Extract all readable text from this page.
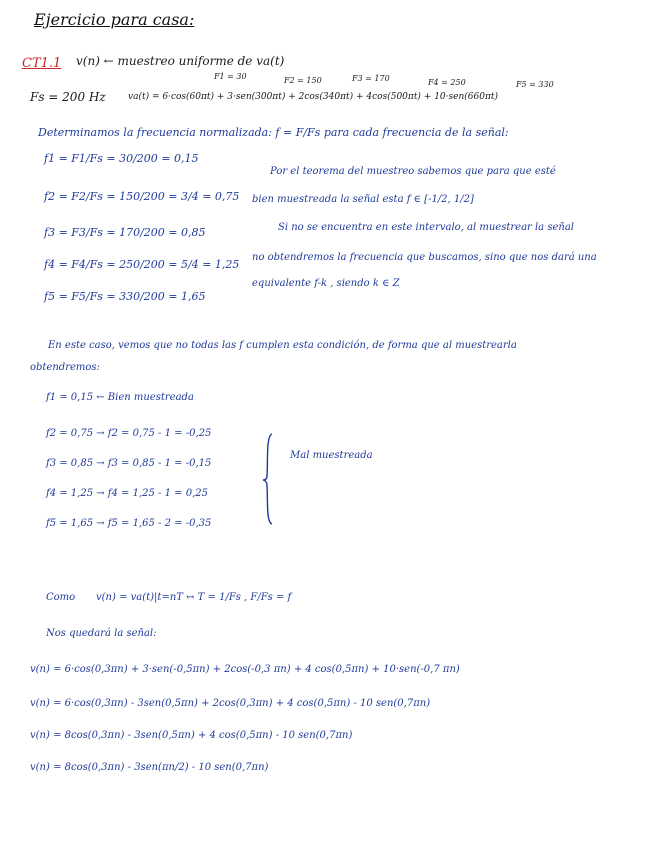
Ejercicio para casa:
CT1.1 v(n) ← muestreo uniforme de va(t)
F1 = 30	F2 = 150	F3 = 170	F4 = 250	F5 = 330
Fs = 200 Hz va(t) = 6·cos(60πt) + 3·sen(300πt) + 2cos(340πt) + 4cos(500πt) + 10·sen(660πt)
Determinamos la frecuencia normalizada: f = F/Fs para cada frecuencia de la señal:
f1 = F1/Fs = 30/200 = 0,15
f2 = F2/Fs = 150/200 = 3/4 = 0,75
f3 = F3/Fs = 170/200 = 0,85
f4 = F4/Fs = 250/200 = 5/4 = 1,25
f5 = F5/Fs = 330/200 = 1,65
Por el teorema del muestreo sabemos que para que esté
bien muestreada la señal esta f ∈ [-1/2, 1/2]
Si no se encuentra en este intervalo, al muestrear la señal
no obtendremos la frecuencia que buscamos, sino que nos dará una
equivalente f-k , siendo k ∈ Z
En este caso, vemos que no todas las f cumplen esta condición, de forma que al muestrearla
obtendremos:
f1 = 0,15 ← Bien muestreada
f2 = 0,75 → f2 = 0,75 - 1 = -0,25
f3 = 0,85 → f3 = 0,85 - 1 = -0,15
f4 = 1,25 → f4 = 1,25 - 1 = 0,25
f5 = 1,65 → f5 = 1,65 - 2 = -0,35
Mal muestreada
Como v(n) = va(t)|t=nT ↔ T = 1/Fs , F/Fs = f
Nos quedará la señal:
v(n) = 6·cos(0,3πn) + 3·sen(-0,5πn) + 2cos(-0,3 πn) + 4 cos(0,5πn) + 10·sen(-0,7 πn)
v(n) = 6·cos(0,3πn) - 3sen(0,5πn) + 2cos(0,3πn) + 4 cos(0,5πn) - 10 sen(0,7πn)
v(n) = 8cos(0,3πn) - 3sen(0,5πn) + 4 cos(0,5πn) - 10 sen(0,7πn)
v(n) = 8cos(0,3πn) - 3sen(πn/2) - 10 sen(0,7πn)
